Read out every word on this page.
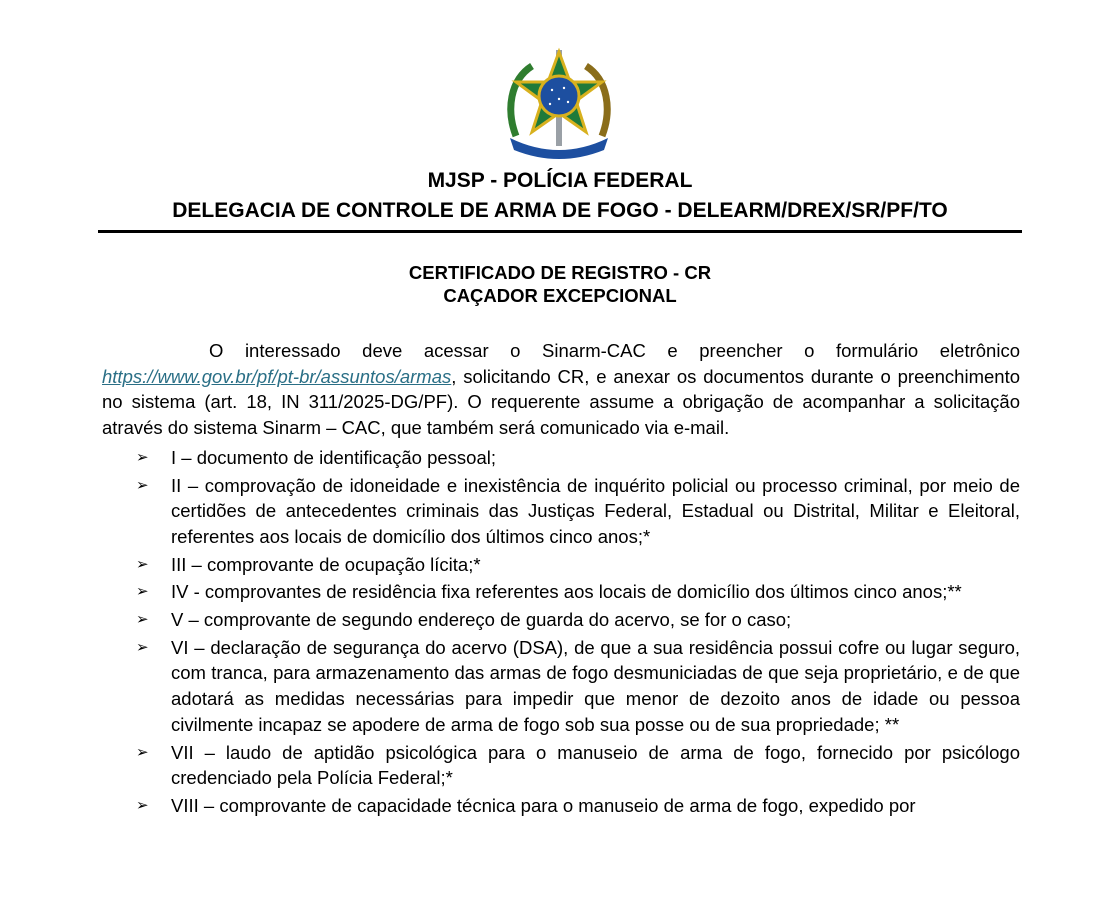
MJSP - POLÍCIA FEDERAL
DELEGACIA DE CONTROLE DE ARMA DE FOGO - DELEARM/DREX/SR/PF/TO
CERTIFICADO DE REGISTRO - CR
CAÇADOR EXCEPCIONAL

O interessado deve acessar o Sinarm-CAC e preencher o formulário eletrônico https://www.gov.br/pf/pt-br/assuntos/armas, solicitando CR, e anexar os documentos durante o preenchimento no sistema (art. 18, IN 311/2025-DG/PF). O requerente assume a obrigação de acompanhar a solicitação através do sistema Sinarm – CAC, que também será comunicado via e-mail.

➢ I – documento de identificação pessoal;
➢ II – comprovação de idoneidade e inexistência de inquérito policial ou processo criminal, por meio de certidões de antecedentes criminais das Justiças Federal, Estadual ou Distrital, Militar e Eleitoral, referentes aos locais de domicílio dos últimos cinco anos;*
➢ III – comprovante de ocupação lícita;*
➢ IV - comprovantes de residência fixa referentes aos locais de domicílio dos últimos cinco anos;**
➢ V – comprovante de segundo endereço de guarda do acervo, se for o caso;
➢ VI – declaração de segurança do acervo (DSA), de que a sua residência possui cofre ou lugar seguro, com tranca, para armazenamento das armas de fogo desmuniciadas de que seja proprietário, e de que adotará as medidas necessárias para impedir que menor de dezoito anos de idade ou pessoa civilmente incapaz se apodere de arma de fogo sob sua posse ou de sua propriedade; **
➢ VII – laudo de aptidão psicológica para o manuseio de arma de fogo, fornecido por psicólogo credenciado pela Polícia Federal;*
➢ VIII – comprovante de capacidade técnica para o manuseio de arma de fogo, expedido por
